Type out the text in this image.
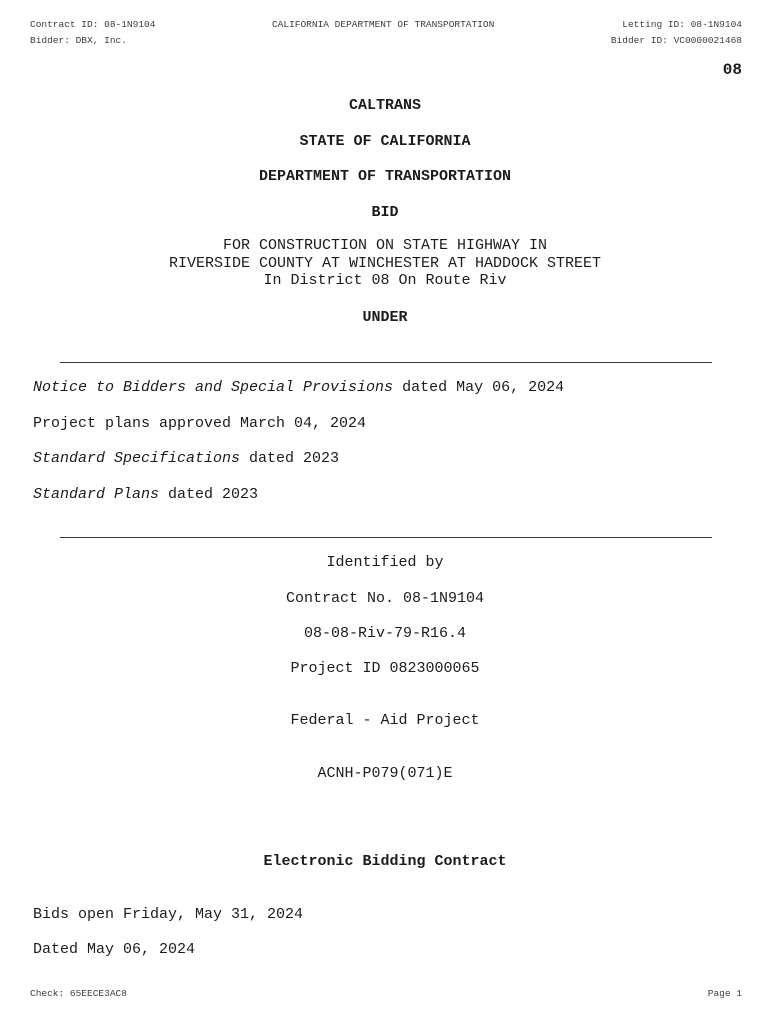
Contract ID: 08-1N9104
Bidder: DBX, Inc.
CALIFORNIA DEPARTMENT OF TRANSPORTATION	Letting ID: 08-1N9104
Bidder ID: VC0000021468
08
CALTRANS
STATE OF CALIFORNIA
DEPARTMENT OF TRANSPORTATION
BID
FOR CONSTRUCTION ON STATE HIGHWAY IN
RIVERSIDE COUNTY AT WINCHESTER AT HADDOCK STREET
In District 08 On Route Riv
UNDER
Notice to Bidders and Special Provisions dated May 06, 2024
Project plans approved March 04, 2024
Standard Specifications dated 2023
Standard Plans dated 2023
Identified by
Contract No. 08-1N9104
08-08-Riv-79-R16.4
Project ID 0823000065
Federal - Aid Project
ACNH-P079(071)E
Electronic Bidding Contract
Bids open Friday, May 31, 2024
Dated May 06, 2024
Check: 65EECE3AC8	Page 1
